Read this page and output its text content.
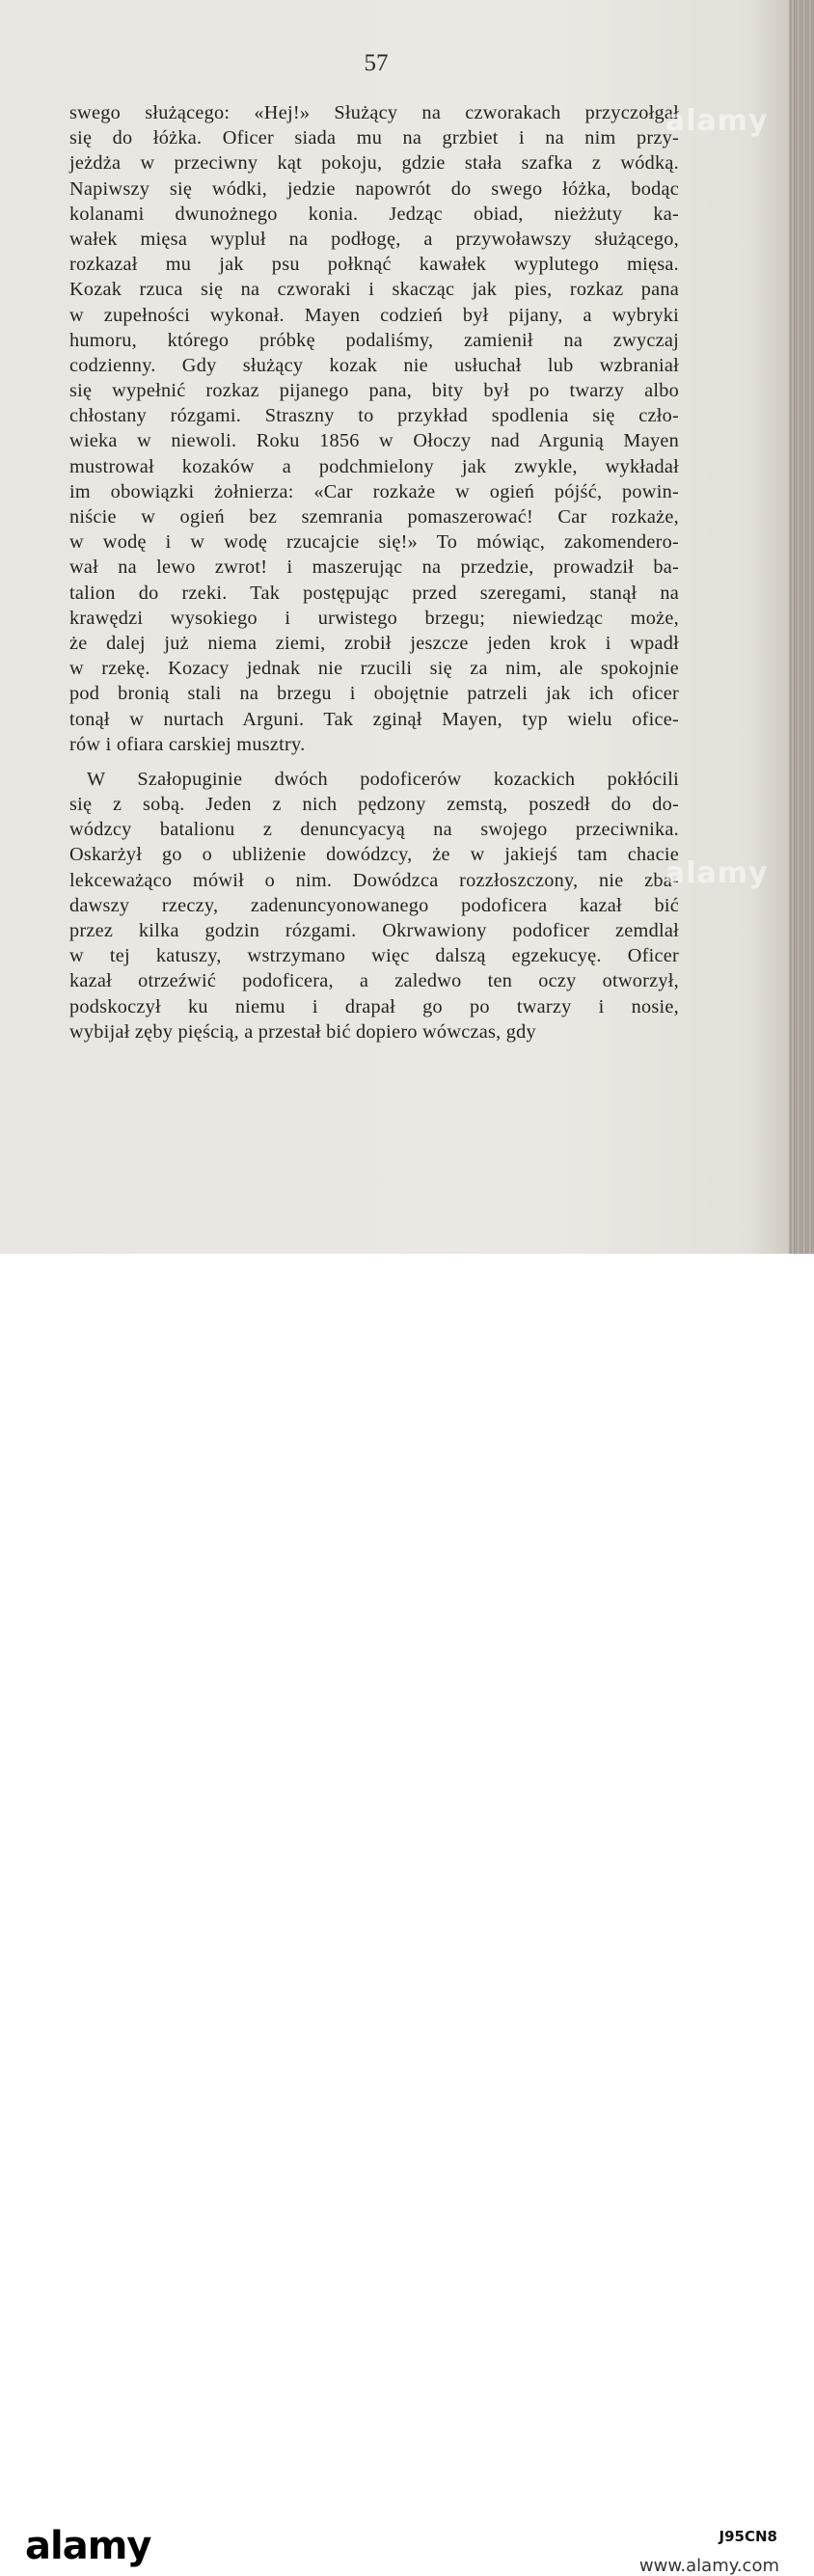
57
swego służącego: «Hej!» Służący na czworakach przyczołgał
się do łóżka. Oficer siada mu na grzbiet i na nim przy-
jeżdża w przeciwny kąt pokoju, gdzie stała szafka z wódką.
Napiwszy się wódki, jedzie napowrót do swego łóżka, bodąc
kolanami dwunożnego konia. Jedząc obiad, nieżżuty ka-
wałek mięsa wypluł na podłogę, a przywoławszy służącego,
rozkazał mu jak psu połknąć kawałek wyplutego mięsa.
Kozak rzuca się na czworaki i skacząc jak pies, rozkaz pana
w zupełności wykonał. Mayen codzień był pijany, a wybryki
humoru, którego próbkę podaliśmy, zamienił na zwyczaj
codzienny. Gdy służący kozak nie usłuchał lub wzbraniał
się wypełnić rozkaz pijanego pana, bity był po twarzy albo
chłostany rózgami. Straszny to przykład spodlenia się czło-
wieka w niewoli. Roku 1856 w Ołoczy nad Argunią Mayen
mustrował kozaków a podchmielony jak zwykle, wykładał
im obowiązki żołnierza: «Car rozkaże w ogień pójść, powin-
niście w ogień bez szemrania pomaszerować! Car rozkaże,
w wodę i w wodę rzucajcie się!» To mówiąc, zakomendero-
wał na lewo zwrot! i maszerując na przedzie, prowadził ba-
talion do rzeki. Tak postępując przed szeregami, stanął na
krawędzi wysokiego i urwistego brzegu; niewiedząc może,
że dalej już niema ziemi, zrobił jeszcze jeden krok i wpadł
w rzekę. Kozacy jednak nie rzucili się za nim, ale spokojnie
pod bronią stali na brzegu i obojętnie patrzeli jak ich oficer
tonął w nurtach Arguni. Tak zginął Mayen, typ wielu ofice-
rów i ofiara carskiej musztry.
W Szałopuginie dwóch podoficerów kozackich pokłócili
się z sobą. Jeden z nich pędzony zemstą, poszedł do do-
wódzcy batalionu z denuncyacyą na swojego przeciwnika.
Oskarżył go o ubliżenie dowódzcy, że w jakiejś tam chacie
lekceważąco mówił o nim. Dowódzca rozzłoszczony, nie zba-
dawszy rzeczy, zadenuncyonowanego podoficera kazał bić
przez kilka godzin rózgami. Okrwawiony podoficer zemdlał
w tej katuszy, wstrzymano więc dalszą egzekucyę. Oficer
kazał otrzeźwić podoficera, a zaledwo ten oczy otworzył,
podskoczył ku niemu i drapał go po twarzy i nosie,
wybijał zęby pięścią, a przestał bić dopiero wówczas, gdy
alamy
alamy
alamy	J95CN8
www.alamy.com
